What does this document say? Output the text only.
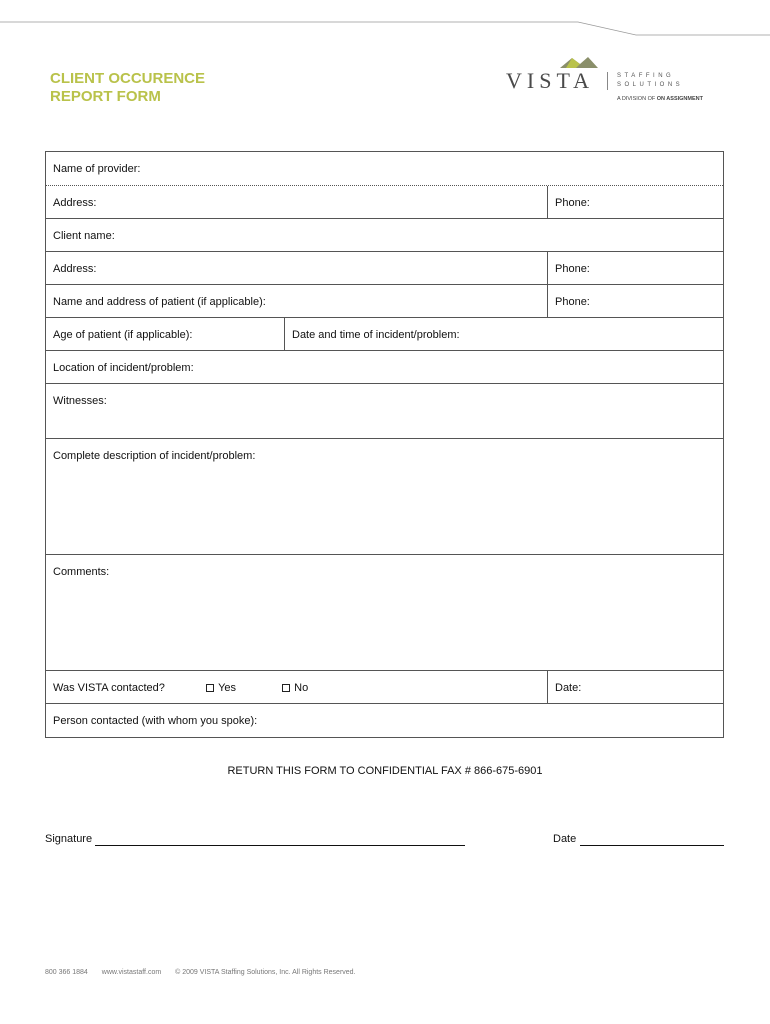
CLIENT OCCURENCE
REPORT FORM
VISTA	STAFFING
SOLUTIONS
A DIVISION OF ON ASSIGNMENT
Name of provider:
Address:	Phone:
Client name:
Address:	Phone:
Name and address of patient (if applicable):	Phone:
Age of patient (if applicable):	Date and time of incident/problem:
Location of incident/problem:
Witnesses:
Complete description of incident/problem:
Comments:
Was VISTA contacted?	Yes	No	Date:
Person contacted (with whom you spoke):
RETURN THIS FORM TO CONFIDENTIAL FAX # 866-675-6901
Signature	Date
800 366 1884 www.vistastaff.com © 2009 VISTA Staffing Solutions, Inc. All Rights Reserved.
